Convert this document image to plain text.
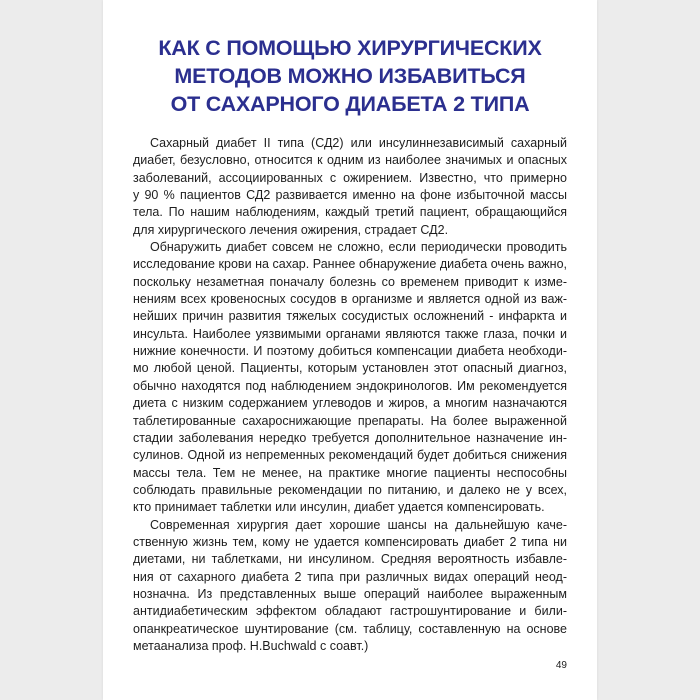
КАК С ПОМОЩЬЮ ХИРУРГИЧЕСКИХ
МЕТОДОВ МОЖНО ИЗБАВИТЬСЯ
ОТ САХАРНОГО ДИАБЕТА 2 ТИПА
Сахарный диабет II типа (СД2) или инсулиннезависимый сахарный
диабет, безусловно, относится к одним из наиболее значимых и опасных
заболеваний, ассоциированных с ожирением. Известно, что примерно
у 90 % пациентов СД2 развивается именно на фоне избыточной массы
тела. По нашим наблюдениям, каждый третий пациент, обращающийся
для хирургического лечения ожирения, страдает СД2.
Обнаружить диабет совсем не сложно, если периодически проводить
исследование крови на сахар. Раннее обнаружение диабета очень важно,
поскольку незаметная поначалу болезнь со временем приводит к изме-
нениям всех кровеносных сосудов в организме и является одной из важ-
нейших причин развития тяжелых сосудистых осложнений - инфаркта и
инсульта. Наиболее уязвимыми органами являются также глаза, почки и
нижние конечности. И поэтому добиться компенсации диабета необходи-
мо любой ценой. Пациенты, которым установлен этот опасный диагноз,
обычно находятся под наблюдением эндокринологов. Им рекомендуется
диета с низким содержанием углеводов и жиров, а многим назначаются
таблетированные сахароснижающие препараты. На более выраженной
стадии заболевания нередко требуется дополнительное назначение ин-
сулинов. Одной из непременных рекомендаций будет добиться снижения
массы тела. Тем не менее, на практике многие пациенты неспособны
соблюдать правильные рекомендации по питанию, и далеко не у всех,
кто принимает таблетки или инсулин, диабет удается компенсировать.
Современная хирургия дает хорошие шансы на дальнейшую каче-
ственную жизнь тем, кому не удается компенсировать диабет 2 типа ни
диетами, ни таблетками, ни инсулином. Средняя вероятность избавле-
ния от сахарного диабета 2 типа при различных видах операций неод-
нозначна. Из представленных выше операций наиболее выраженным
антидиабетическим эффектом обладают гастрошунтирование и били-
опанкреатическое шунтирование (см. таблицу, составленную на основе
метаанализа проф. H.Buchwald с соавт.)
49
